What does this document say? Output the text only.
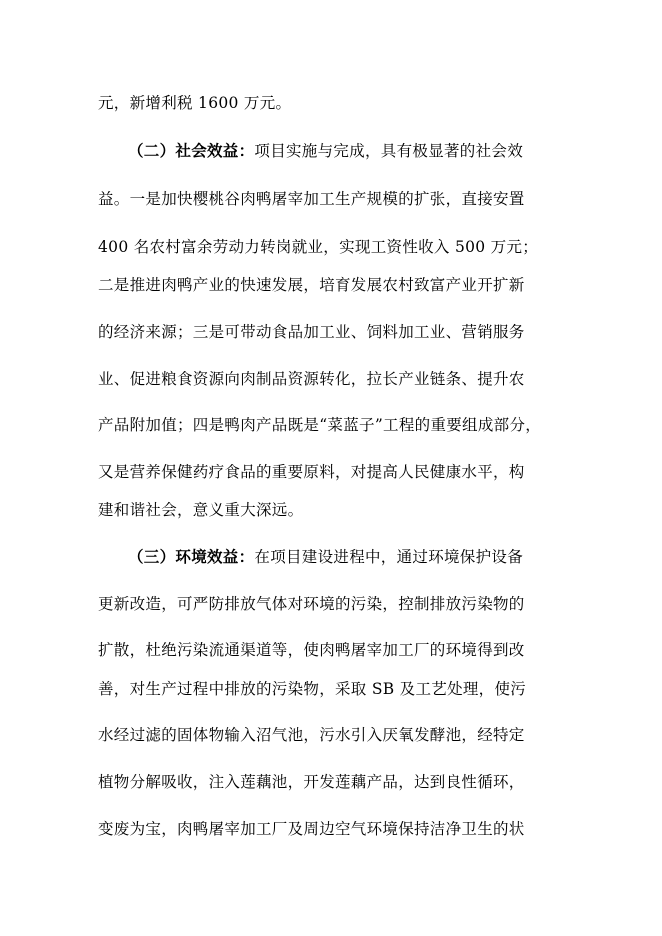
元，新增利税 1600 万元。
（二）社会效益：项目实施与完成，具有极显著的社会效
益。一是加快樱桃谷肉鸭屠宰加工生产规模的扩张，直接安置
400 名农村富余劳动力转岗就业，实现工资性收入 500 万元；
二是推进肉鸭产业的快速发展，培育发展农村致富产业开扩新
的经济来源；三是可带动食品加工业、饲料加工业、营销服务
业、促进粮食资源向肉制品资源转化，拉长产业链条、提升农
产品附加值；四是鸭肉产品既是“菜蓝子”工程的重要组成部分，
又是营养保健药疗食品的重要原料，对提高人民健康水平，构
建和谐社会，意义重大深远。
（三）环境效益：在项目建设进程中，通过环境保护设备
更新改造，可严防排放气体对环境的污染，控制排放污染物的
扩散，杜绝污染流通渠道等，使肉鸭屠宰加工厂的环境得到改
善，对生产过程中排放的污染物，采取 SB 及工艺处理，使污
水经过滤的固体物输入沼气池，污水引入厌氧发酵池，经特定
植物分解吸收，注入莲藕池，开发莲藕产品，达到良性循环，
变废为宝，肉鸭屠宰加工厂及周边空气环境保持洁净卫生的状
